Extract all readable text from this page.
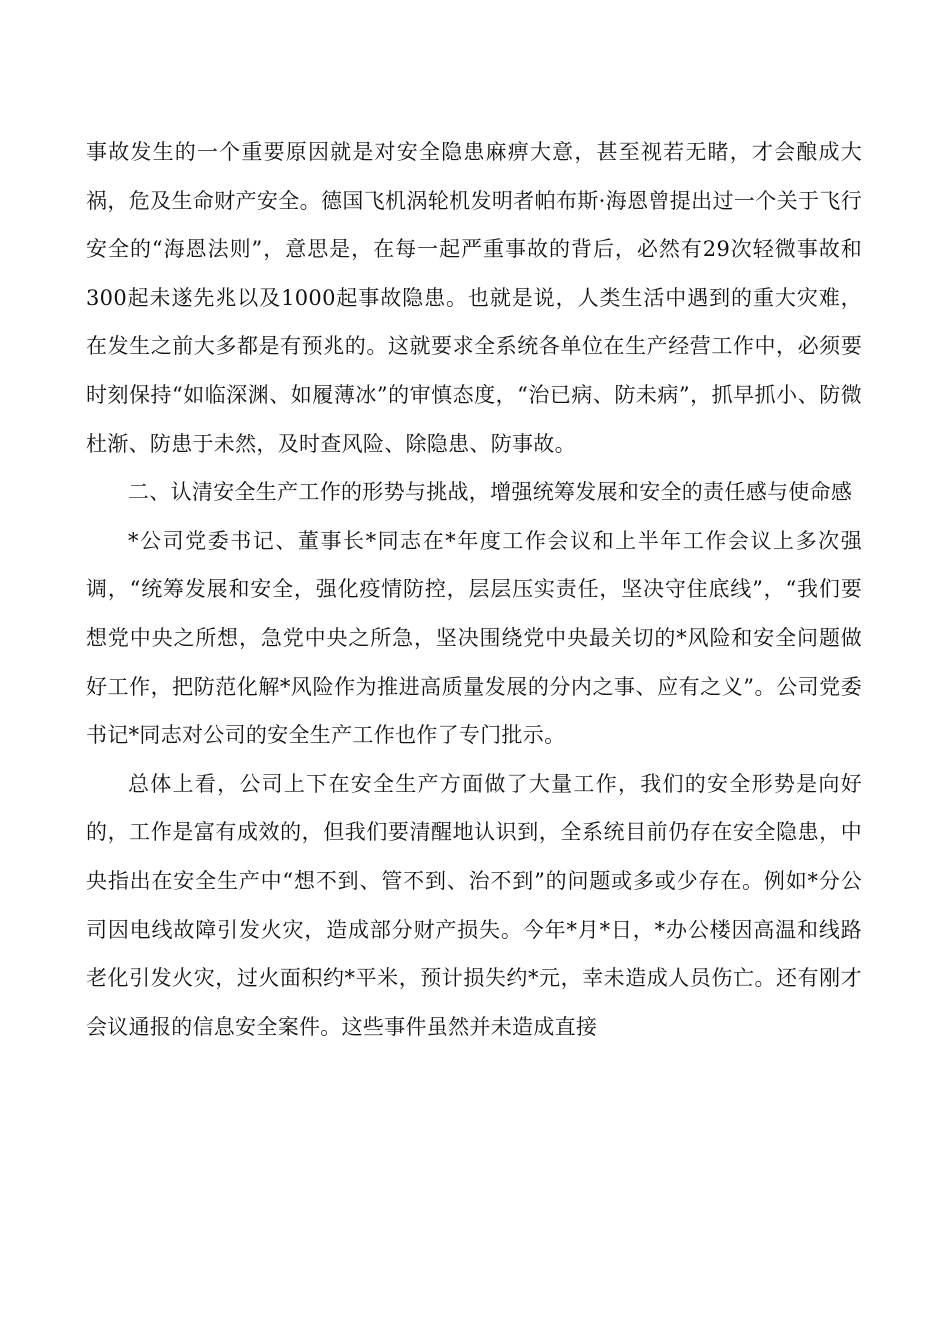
事故发生的一个重要原因就是对安全隐患麻痹大意，甚至视若无睹，才会酿成大祸，危及生命财产安全。德国飞机涡轮机发明者帕布斯·海恩曾提出过一个关于飞行安全的“海恩法则”，意思是，在每一起严重事故的背后，必然有29次轻微事故和300起未遂先兆以及1000起事故隐患。也就是说，人类生活中遇到的重大灾难，在发生之前大多都是有预兆的。这就要求全系统各单位在生产经营工作中，必须要时刻保持“如临深渊、如履薄冰”的审慎态度，“治已病、防未病”，抓早抓小、防微杜渐、防患于未然，及时查风险、除隐患、防事故。

二、认清安全生产工作的形势与挑战，增强统筹发展和安全的责任感与使命感

*公司党委书记、董事长*同志在*年度工作会议和上半年工作会议上多次强调，“统筹发展和安全，强化疫情防控，层层压实责任，坚决守住底线”，“我们要想党中央之所想，急党中央之所急，坚决围绕党中央最关切的*风险和安全问题做好工作，把防范化解*风险作为推进高质量发展的分内之事、应有之义”。公司党委书记*同志对公司的安全生产工作也作了专门批示。

总体上看，公司上下在安全生产方面做了大量工作，我们的安全形势是向好的，工作是富有成效的，但我们要清醒地认识到，全系统目前仍存在安全隐患，中央指出在安全生产中“想不到、管不到、治不到”的问题或多或少存在。例如*分公司因电线故障引发火灾，造成部分财产损失。今年*月*日，*办公楼因高温和线路老化引发火灾，过火面积约*平米，预计损失约*元，幸未造成人员伤亡。还有刚才会议通报的信息安全案件。这些事件虽然并未造成直接
